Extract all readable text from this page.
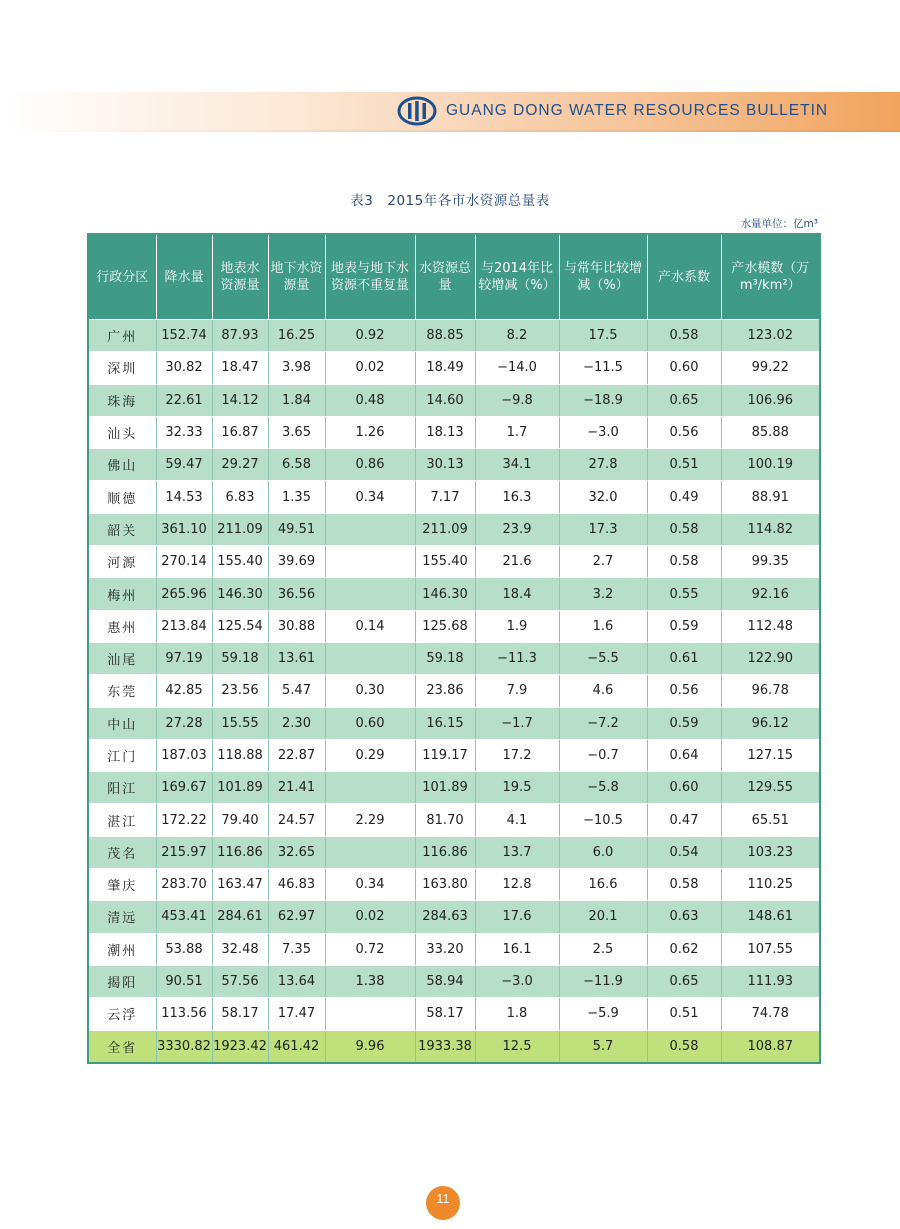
GUANG DONG WATER RESOURCES BULLETIN
表3　2015年各市水资源总量表
水量单位：亿m³
行政分区	降水量	地表水资源量	地下水资源量	地表与地下水资源不重复量	水资源总量	与2014年比较增减（%）	与常年比较增减（%）	产水系数	产水模数（万m³/km²）
广州	152.74	87.93	16.25	0.92	88.85	8.2	17.5	0.58	123.02
深圳	30.82	18.47	3.98	0.02	18.49	−14.0	−11.5	0.60	99.22
珠海	22.61	14.12	1.84	0.48	14.60	−9.8	−18.9	0.65	106.96
汕头	32.33	16.87	3.65	1.26	18.13	1.7	−3.0	0.56	85.88
佛山	59.47	29.27	6.58	0.86	30.13	34.1	27.8	0.51	100.19
顺德	14.53	6.83	1.35	0.34	7.17	16.3	32.0	0.49	88.91
韶关	361.10	211.09	49.51		211.09	23.9	17.3	0.58	114.82
河源	270.14	155.40	39.69		155.40	21.6	2.7	0.58	99.35
梅州	265.96	146.30	36.56		146.30	18.4	3.2	0.55	92.16
惠州	213.84	125.54	30.88	0.14	125.68	1.9	1.6	0.59	112.48
汕尾	97.19	59.18	13.61		59.18	−11.3	−5.5	0.61	122.90
东莞	42.85	23.56	5.47	0.30	23.86	7.9	4.6	0.56	96.78
中山	27.28	15.55	2.30	0.60	16.15	−1.7	−7.2	0.59	96.12
江门	187.03	118.88	22.87	0.29	119.17	17.2	−0.7	0.64	127.15
阳江	169.67	101.89	21.41		101.89	19.5	−5.8	0.60	129.55
湛江	172.22	79.40	24.57	2.29	81.70	4.1	−10.5	0.47	65.51
茂名	215.97	116.86	32.65		116.86	13.7	6.0	0.54	103.23
肇庆	283.70	163.47	46.83	0.34	163.80	12.8	16.6	0.58	110.25
清远	453.41	284.61	62.97	0.02	284.63	17.6	20.1	0.63	148.61
潮州	53.88	32.48	7.35	0.72	33.20	16.1	2.5	0.62	107.55
揭阳	90.51	57.56	13.64	1.38	58.94	−3.0	−11.9	0.65	111.93
云浮	113.56	58.17	17.47		58.17	1.8	−5.9	0.51	74.78
全省	3330.82	1923.42	461.42	9.96	1933.38	12.5	5.7	0.58	108.87
11
